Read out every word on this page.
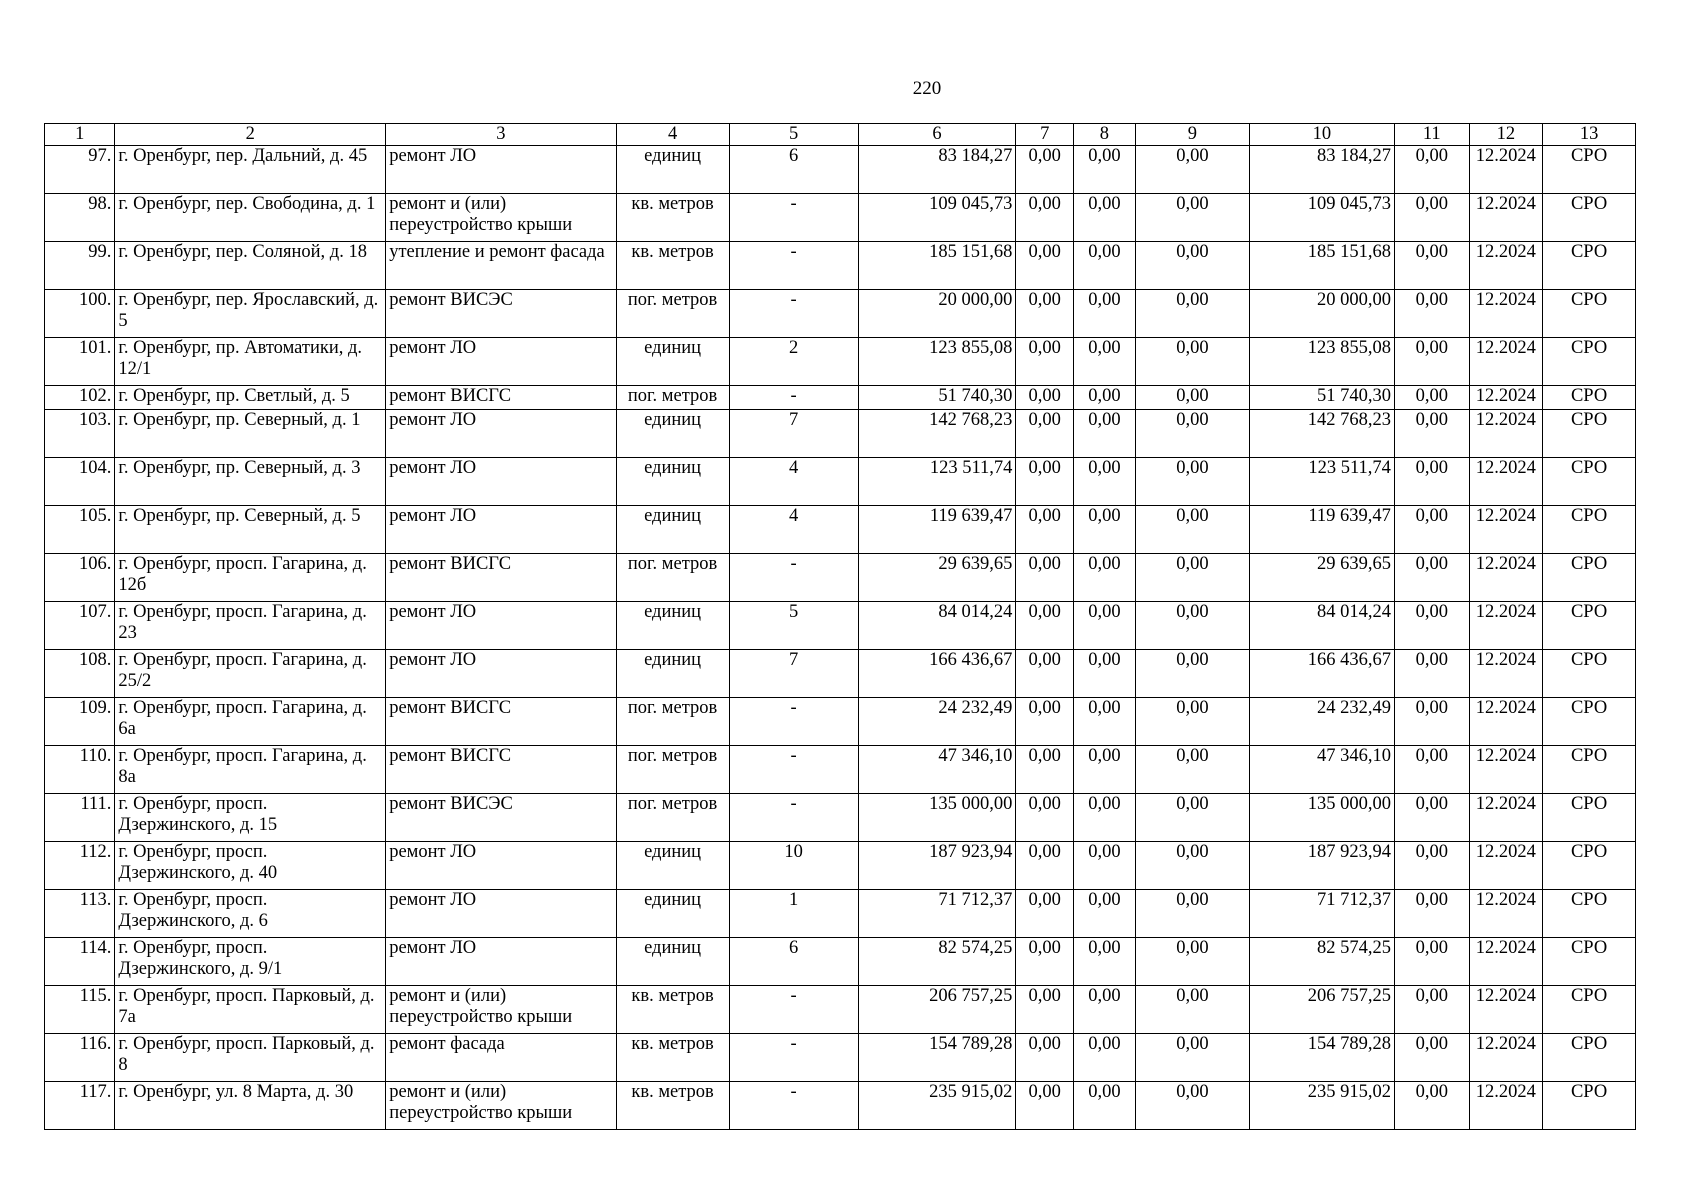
220
1	2	3	4	5	6	7	8	9	10	11	12	13
97.	г. Оренбург, пер. Дальний, д. 45	ремонт ЛО	единиц	6	83 184,27	0,00	0,00	0,00	83 184,27	0,00	12.2024	СРО
98.	г. Оренбург, пер. Свободина, д. 1	ремонт и (или) переустройство крыши	кв. метров	-	109 045,73	0,00	0,00	0,00	109 045,73	0,00	12.2024	СРО
99.	г. Оренбург, пер. Соляной, д. 18	утепление и ремонт фасада	кв. метров	-	185 151,68	0,00	0,00	0,00	185 151,68	0,00	12.2024	СРО
100.	г. Оренбург, пер. Ярославский, д. 5	ремонт ВИСЭС	пог. метров	-	20 000,00	0,00	0,00	0,00	20 000,00	0,00	12.2024	СРО
101.	г. Оренбург, пр. Автоматики, д. 12/1	ремонт ЛО	единиц	2	123 855,08	0,00	0,00	0,00	123 855,08	0,00	12.2024	СРО
102.	г. Оренбург, пр. Светлый, д. 5	ремонт ВИСГС	пог. метров	-	51 740,30	0,00	0,00	0,00	51 740,30	0,00	12.2024	СРО
103.	г. Оренбург, пр. Северный, д. 1	ремонт ЛО	единиц	7	142 768,23	0,00	0,00	0,00	142 768,23	0,00	12.2024	СРО
104.	г. Оренбург, пр. Северный, д. 3	ремонт ЛО	единиц	4	123 511,74	0,00	0,00	0,00	123 511,74	0,00	12.2024	СРО
105.	г. Оренбург, пр. Северный, д. 5	ремонт ЛО	единиц	4	119 639,47	0,00	0,00	0,00	119 639,47	0,00	12.2024	СРО
106.	г. Оренбург, просп. Гагарина, д. 12б	ремонт ВИСГС	пог. метров	-	29 639,65	0,00	0,00	0,00	29 639,65	0,00	12.2024	СРО
107.	г. Оренбург, просп. Гагарина, д. 23	ремонт ЛО	единиц	5	84 014,24	0,00	0,00	0,00	84 014,24	0,00	12.2024	СРО
108.	г. Оренбург, просп. Гагарина, д. 25/2	ремонт ЛО	единиц	7	166 436,67	0,00	0,00	0,00	166 436,67	0,00	12.2024	СРО
109.	г. Оренбург, просп. Гагарина, д. 6а	ремонт ВИСГС	пог. метров	-	24 232,49	0,00	0,00	0,00	24 232,49	0,00	12.2024	СРО
110.	г. Оренбург, просп. Гагарина, д. 8а	ремонт ВИСГС	пог. метров	-	47 346,10	0,00	0,00	0,00	47 346,10	0,00	12.2024	СРО
111.	г. Оренбург, просп. Дзержинского, д. 15	ремонт ВИСЭС	пог. метров	-	135 000,00	0,00	0,00	0,00	135 000,00	0,00	12.2024	СРО
112.	г. Оренбург, просп. Дзержинского, д. 40	ремонт ЛО	единиц	10	187 923,94	0,00	0,00	0,00	187 923,94	0,00	12.2024	СРО
113.	г. Оренбург, просп. Дзержинского, д. 6	ремонт ЛО	единиц	1	71 712,37	0,00	0,00	0,00	71 712,37	0,00	12.2024	СРО
114.	г. Оренбург, просп. Дзержинского, д. 9/1	ремонт ЛО	единиц	6	82 574,25	0,00	0,00	0,00	82 574,25	0,00	12.2024	СРО
115.	г. Оренбург, просп. Парковый, д. 7а	ремонт и (или) переустройство крыши	кв. метров	-	206 757,25	0,00	0,00	0,00	206 757,25	0,00	12.2024	СРО
116.	г. Оренбург, просп. Парковый, д. 8	ремонт фасада	кв. метров	-	154 789,28	0,00	0,00	0,00	154 789,28	0,00	12.2024	СРО
117.	г. Оренбург, ул. 8 Марта, д. 30	ремонт и (или) переустройство крыши	кв. метров	-	235 915,02	0,00	0,00	0,00	235 915,02	0,00	12.2024	СРО
